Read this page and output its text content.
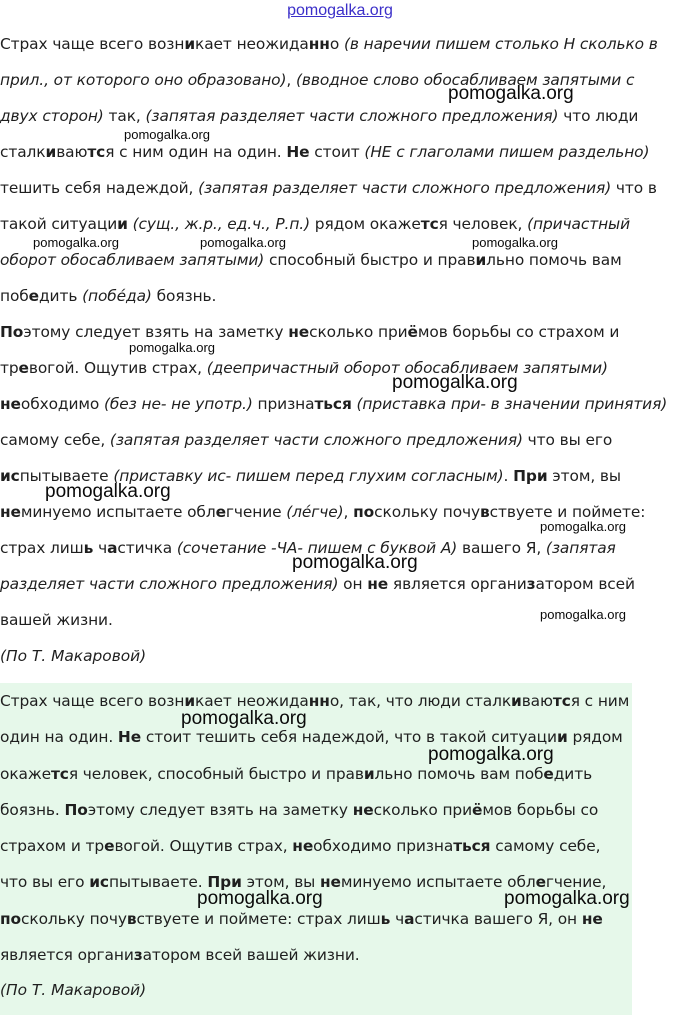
pomogalka.org

Страх чаще всего возникает неожиданно (в наречии пишем столько Н сколько в прил., от которого оно образовано), (вводное слово обосабливаем запятыми с двух сторон) так, (запятая разделяет части сложного предложения) что люди сталкиваются с ним один на один. Не стоит (НЕ с глаголами пишем раздельно) тешить себя надеждой, (запятая разделяет части сложного предложения) что в такой ситуации (сущ., ж.р., ед.ч., Р.п.) рядом окажется человек, (причастный оборот обосабливаем запятыми) способный быстро и правильно помочь вам победить (побе́да) боязнь.

Поэтому следует взять на заметку несколько приёмов борьбы со страхом и тревогой. Ощутив страх, (деепричастный оборот обосабливаем запятыми) необходимо (без не- не употр.) признаться (приставка при- в значении принятия) самому себе, (запятая разделяет части сложного предложения) что вы его испытываете (приставку ис- пишем перед глухим согласным). При этом, вы неминуемо испытаете облегчение (ле́гче), поскольку почувствуете и поймете: страх лишь частичка (сочетание -ЧА- пишем с буквой А) вашего Я, (запятая разделяет части сложного предложения) он не является организатором всей вашей жизни.

(По Т. Макаровой)

Страх чаще всего возникает неожиданно, так, что люди сталкиваются с ним один на один. Не стоит тешить себя надеждой, что в такой ситуации рядом окажется человек, способный быстро и правильно помочь вам победить боязнь. Поэтому следует взять на заметку несколько приёмов борьбы со страхом и тревогой. Ощутив страх, необходимо признаться самому себе, что вы его испытываете. При этом, вы неминуемо испытаете облегчение, поскольку почувствуете и поймете: страх лишь частичка вашего Я, он не является организатором всей вашей жизни.

(По Т. Макаровой)
pomogalka.org
pomogalka.org
pomogalka.org	pomogalka.org	pomogalka.org
pomogalka.org
pomogalka.org
pomogalka.org
pomogalka.org
pomogalka.org
pomogalka.org
pomogalka.org
pomogalka.org
pomogalka.org	pomogalka.org
